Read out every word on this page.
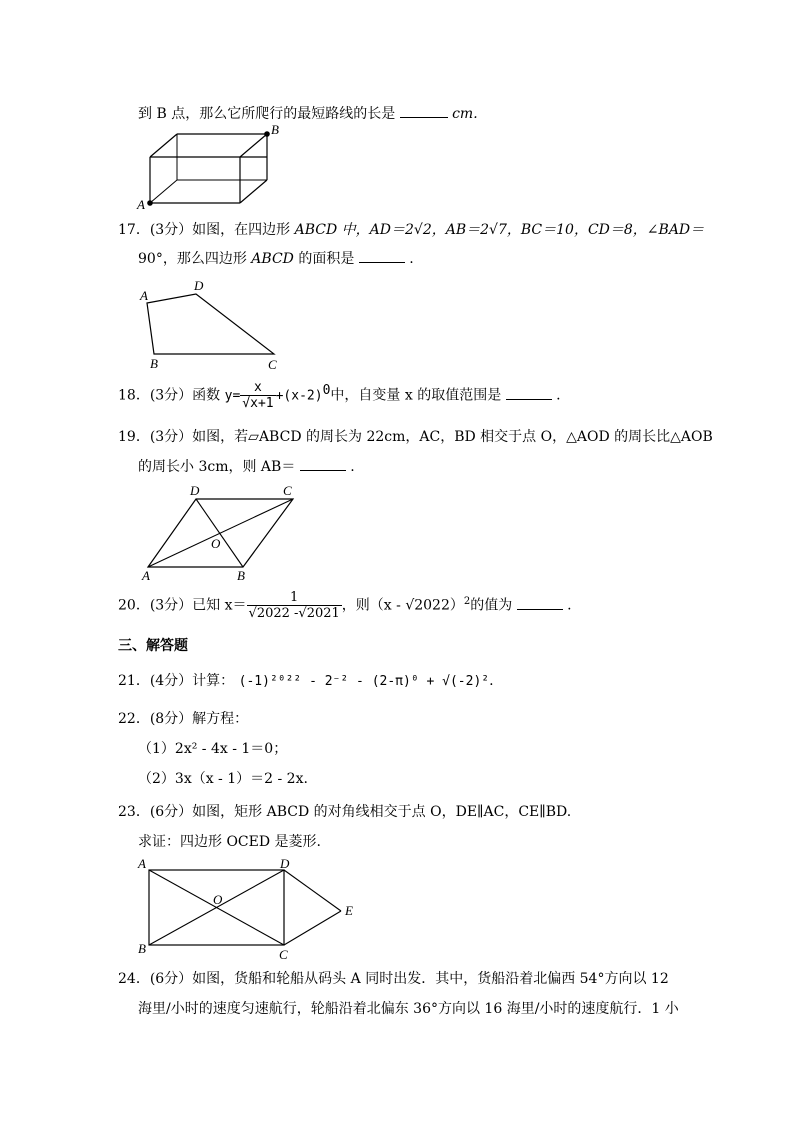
到 B 点，那么它所爬行的最短路线的长是	cm.
A
B
17．(3分）如图，在四边形 ABCD 中，AD＝2√2，AB＝2√7，BC＝10，CD＝8，∠BAD＝
90°，那么四边形 ABCD 的面积是	.
A
D
B	C
18．(3分）函数 $y= \frac{x}{√x+1} +(x-2)^0$中，自变量 x 的取值范围是	.
19．(3分）如图，若▱ABCD 的周长为 22cm，AC，BD 相交于点 O，△AOD 的周长比△AOB
的周长小 3cm，则 AB＝	.
D	C
O
A	B
20．(3分）已知 $x= \frac{1}{√2022 -√2021}$ ，则（x - √2022）$^2$的值为	.
三、解答题
21．(4分）计算： (-1)²⁰²² - 2⁻² - (2-π)⁰ + √(-2)².
22．(8分）解方程：
（1）2x² - 4x - 1＝0；
（2）3x（x - 1）＝2 - 2x.
23．(6分）如图，矩形 ABCD 的对角线相交于点 O，DE∥AC，CE∥BD.
求证：四边形 OCED 是菱形.
A	D
O
E
B	C
24．(6分）如图，货船和轮船从码头 A 同时出发．其中，货船沿着北偏西 54°方向以 12
海里/小时的速度匀速航行，轮船沿着北偏东 36°方向以 16 海里/小时的速度航行．1 小
